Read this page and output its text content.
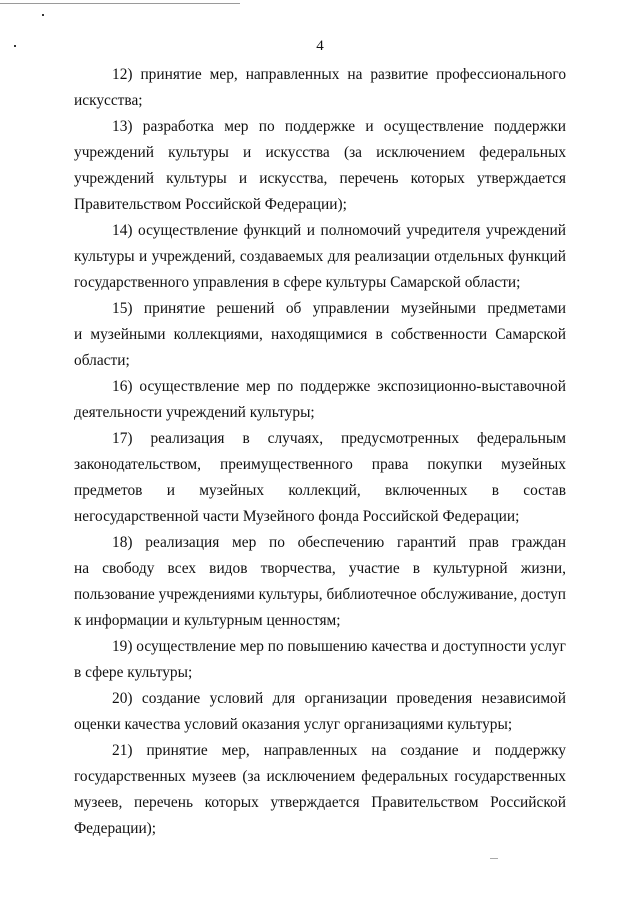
4
12) принятие мер, направленных на развитие профессионального
искусства;
13) разработка мер по поддержке и осуществление поддержки
учреждений культуры и искусства (за исключением федеральных
учреждений культуры и искусства, перечень которых утверждается
Правительством Российской Федерации);
14) осуществление функций и полномочий учредителя учреждений
культуры и учреждений, создаваемых для реализации отдельных функций
государственного управления в сфере культуры Самарской области;
15) принятие решений об управлении музейными предметами
и музейными коллекциями, находящимися в собственности Самарской
области;
16) осуществление мер по поддержке экспозиционно-выставочной
деятельности учреждений культуры;
17) реализация в случаях, предусмотренных федеральным
законодательством, преимущественного права покупки музейных
предметов и музейных коллекций, включенных в состав
негосударственной части Музейного фонда Российской Федерации;
18) реализация мер по обеспечению гарантий прав граждан
на свободу всех видов творчества, участие в культурной жизни,
пользование учреждениями культуры, библиотечное обслуживание, доступ
к информации и культурным ценностям;
19) осуществление мер по повышению качества и доступности услуг
в сфере культуры;
20) создание условий для организации проведения независимой
оценки качества условий оказания услуг организациями культуры;
21) принятие мер, направленных на создание и поддержку
государственных музеев (за исключением федеральных государственных
музеев, перечень которых утверждается Правительством Российской
Федерации);
